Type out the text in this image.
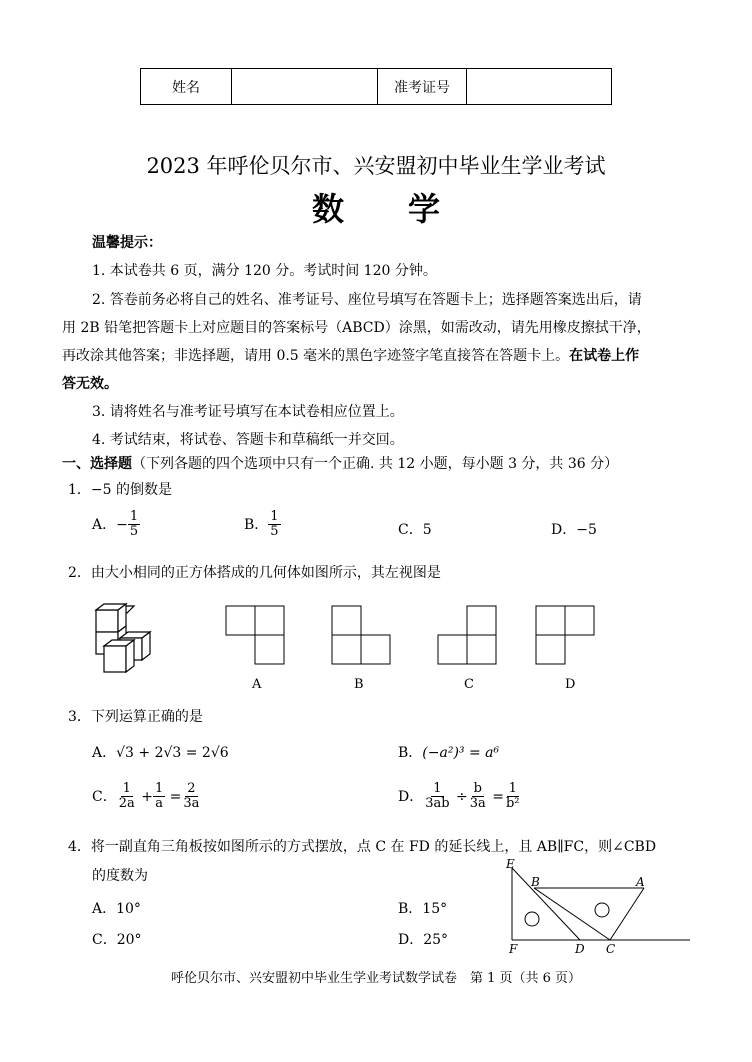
姓名	准考证号
2023 年呼伦贝尔市、兴安盟初中毕业生学业考试
数　　学
温馨提示：
1. 本试卷共 6 页，满分 120 分。考试时间 120 分钟。
2. 答卷前务必将自己的姓名、准考证号、座位号填写在答题卡上；选择题答案选出后，请
用 2B 铅笔把答题卡上对应题目的答案标号（ABCD）涂黑，如需改动，请先用橡皮擦拭干净，
再改涂其他答案；非选择题，请用 0.5 毫米的黑色字迹签字笔直接答在答题卡上。在试卷上作
答无效。
3. 请将姓名与准考证号填写在本试卷相应位置上。
4. 考试结束，将试卷、答题卡和草稿纸一并交回。
一、选择题（下列各题的四个选项中只有一个正确. 共 12 小题，每小题 3 分，共 36 分）
1．−5 的倒数是
A．− $\frac{1}{5}$	B． $\frac{1}{5}$	C．5	D．−5
2．由大小相同的正方体搭成的几何体如图所示，其左视图是
A	B	C	D
3．下列运算正确的是
A．√3 + 2√3 = 2√6	B．(−a²)³ = a⁶
C． $\frac{1}{2a} + \frac{1}{a} = \frac{2}{3a}$	D． $\frac{1}{3ab} \div \frac{b}{3a} = \frac{1}{\text{b²}}$
4．将一副直角三角板按如图所示的方式摆放，点 C 在 FD 的延长线上，且 AB∥FC，则∠CBD
的度数为
A．10°	B．15°
C．20°	D．25°
E
B	A
F	D C
呼伦贝尔市、兴安盟初中毕业生学业考试数学试卷　第 1 页（共 6 页）
